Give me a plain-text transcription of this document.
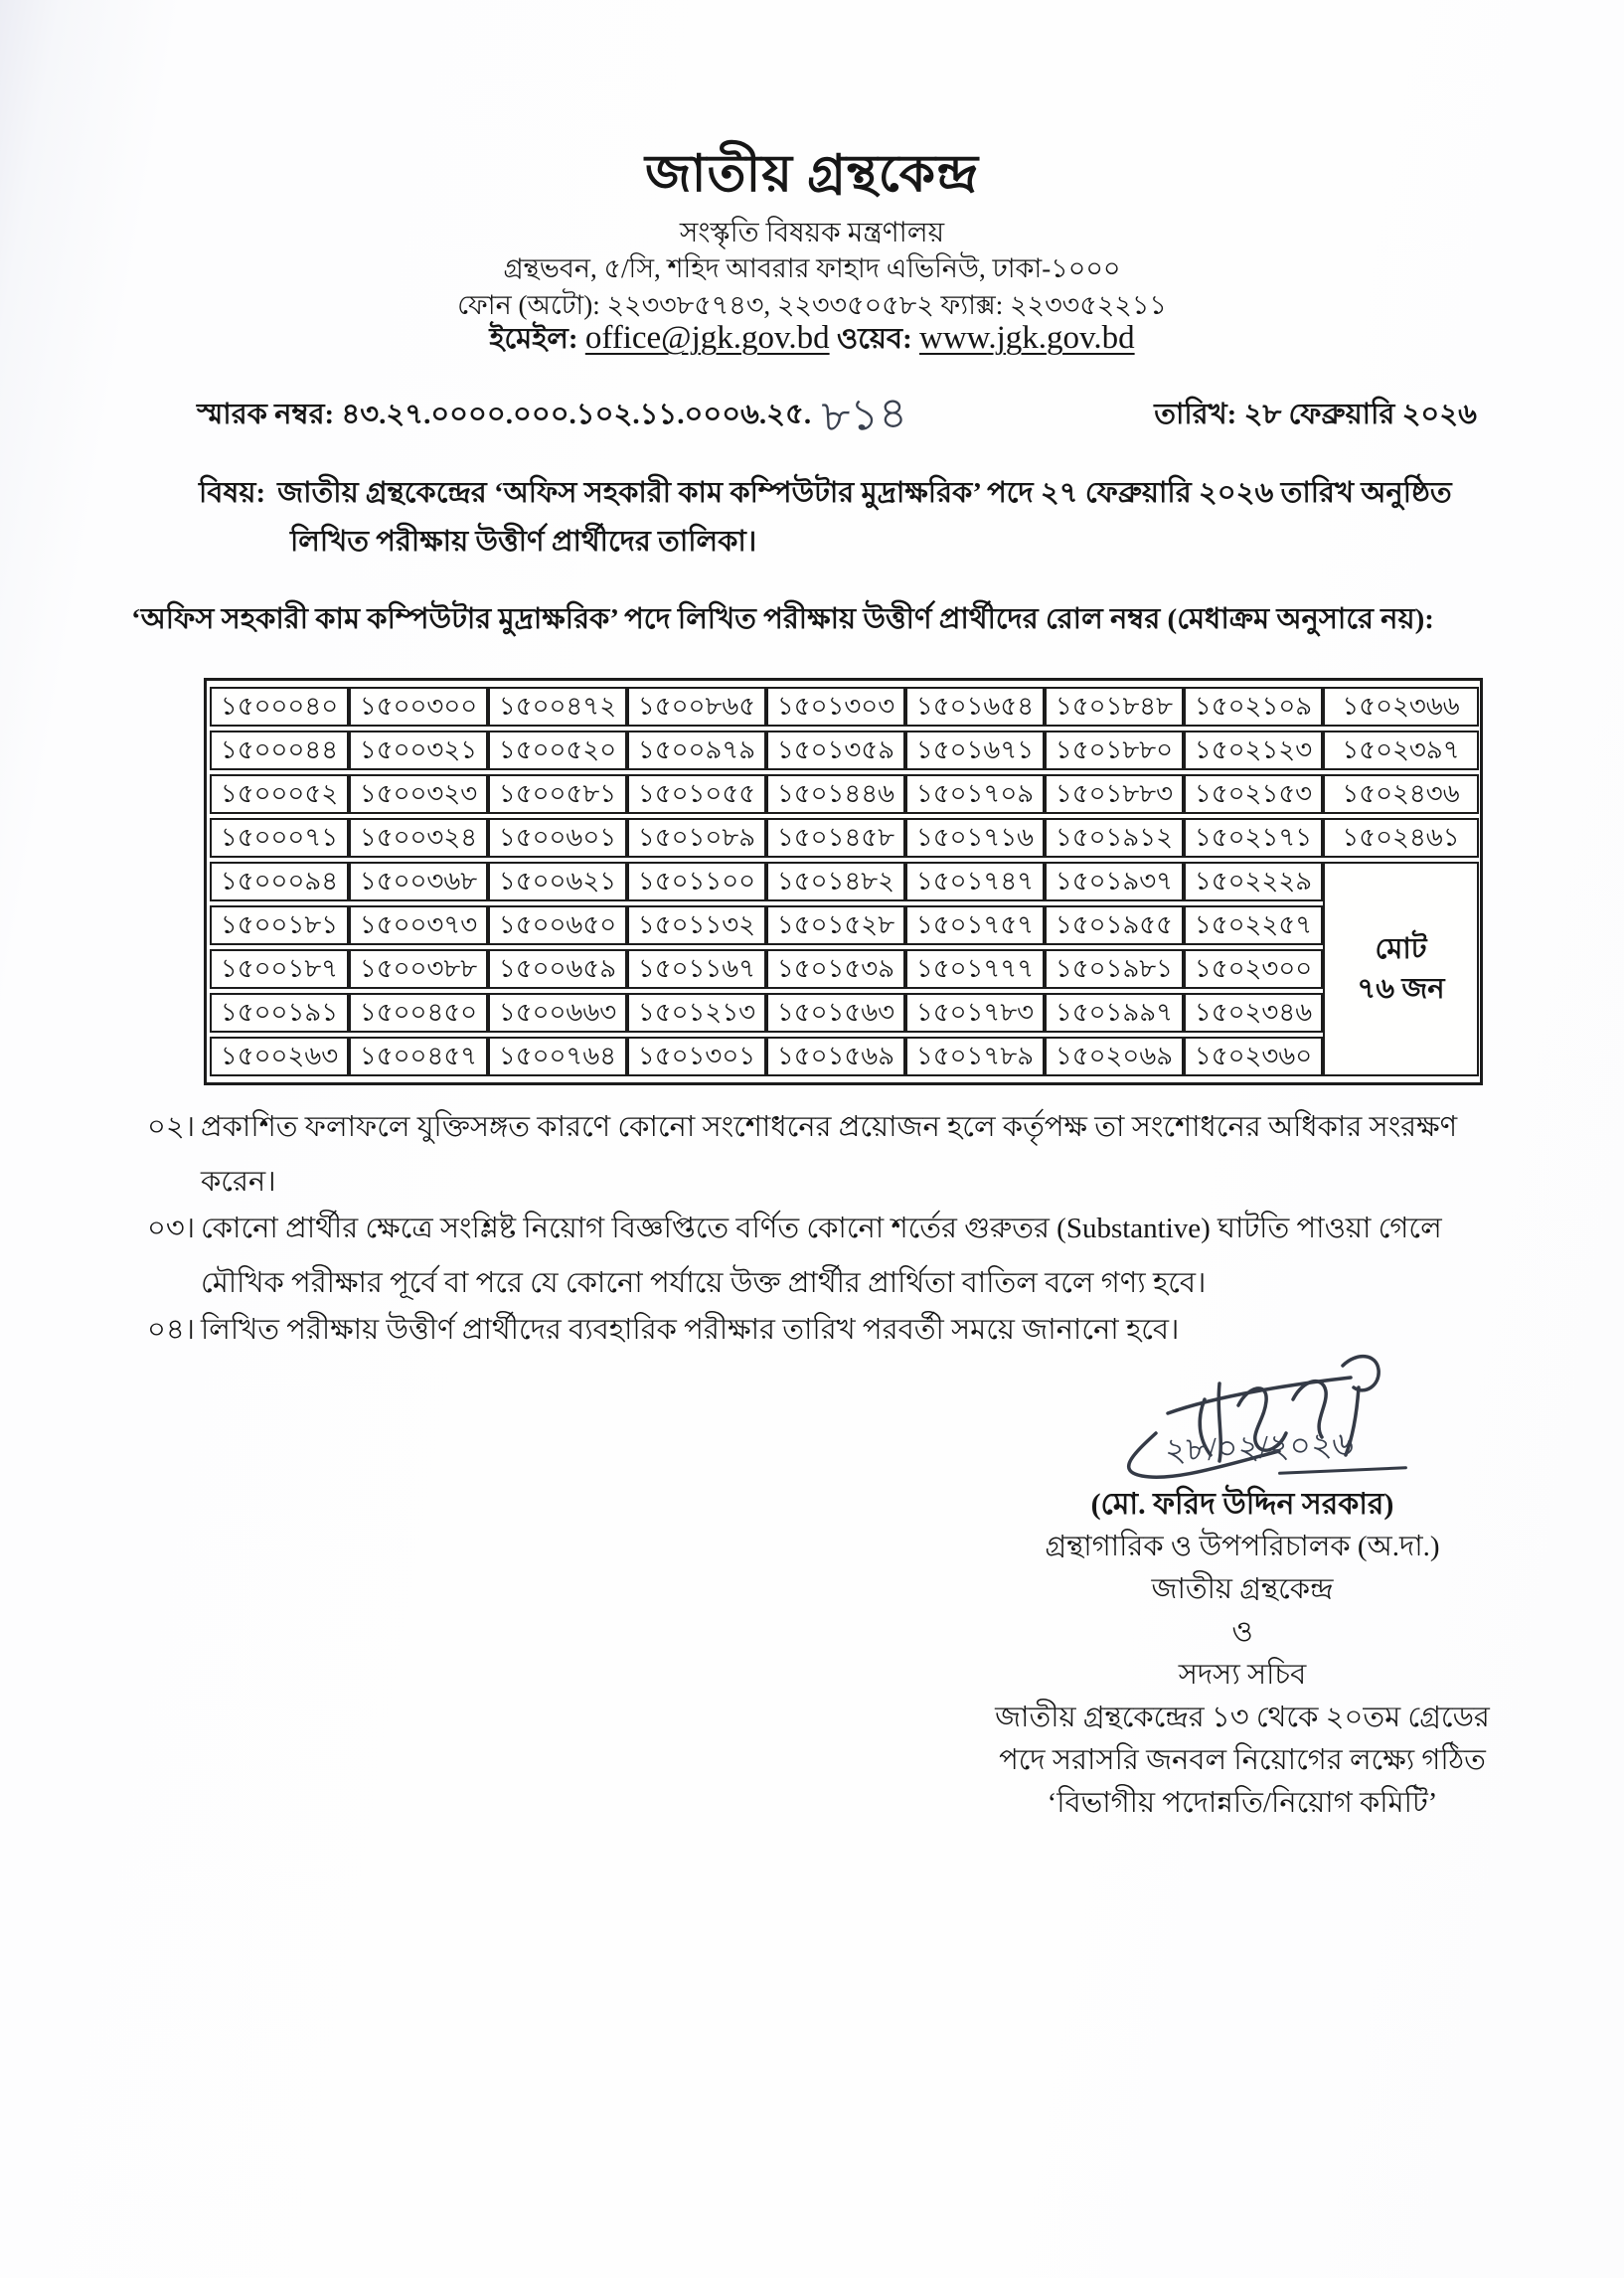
জাতীয় গ্রন্থকেন্দ্র
সংস্কৃতি বিষয়ক মন্ত্রণালয়
গ্রন্থভবন, ৫/সি, শহিদ আবরার ফাহাদ এভিনিউ, ঢাকা-১০০০
ফোন (অটো): ২২৩৩৮৫৭৪৩, ২২৩৩৫০৫৮২ ফ্যাক্স: ২২৩৩৫২২১১
ইমেইল: office@jgk.gov.bd ওয়েব: www.jgk.gov.bd
স্মারক নম্বর: ৪৩.২৭.০০০০.০০০.১০২.১১.০০০৬.২৫. ৮১৪	তারিখ: ২৮ ফেব্রুয়ারি ২০২৬
বিষয়: জাতীয় গ্রন্থকেন্দ্রের ‘অফিস সহকারী কাম কম্পিউটার মুদ্রাক্ষরিক’ পদে ২৭ ফেব্রুয়ারি ২০২৬ তারিখ অনুষ্ঠিত
লিখিত পরীক্ষায় উত্তীর্ণ প্রার্থীদের তালিকা।
‘অফিস সহকারী কাম কম্পিউটার মুদ্রাক্ষরিক’ পদে লিখিত পরীক্ষায় উত্তীর্ণ প্রার্থীদের রোল নম্বর (মেধাক্রম অনুসারে নয়):
১৫০০০৪০	১৫০০৩০০	১৫০০৪৭২	১৫০০৮৬৫	১৫০১৩০৩	১৫০১৬৫৪	১৫০১৮৪৮	১৫০২১০৯	১৫০২৩৬৬
১৫০০০৪৪	১৫০০৩২১	১৫০০৫২০	১৫০০৯৭৯	১৫০১৩৫৯	১৫০১৬৭১	১৫০১৮৮০	১৫০২১২৩	১৫০২৩৯৭
১৫০০০৫২	১৫০০৩২৩	১৫০০৫৮১	১৫০১০৫৫	১৫০১৪৪৬	১৫০১৭০৯	১৫০১৮৮৩	১৫০২১৫৩	১৫০২৪৩৬
১৫০০০৭১	১৫০০৩২৪	১৫০০৬০১	১৫০১০৮৯	১৫০১৪৫৮	১৫০১৭১৬	১৫০১৯১২	১৫০২১৭১	১৫০২৪৬১
১৫০০০৯৪	১৫০০৩৬৮	১৫০০৬২১	১৫০১১০০	১৫০১৪৮২	১৫০১৭৪৭	১৫০১৯৩৭	১৫০২২২৯	মোট
৭৬ জন

১৫০০১৮১	১৫০০৩৭৩	১৫০০৬৫০	১৫০১১৩২	১৫০১৫২৮	১৫০১৭৫৭	১৫০১৯৫৫	১৫০২২৫৭	
১৫০০১৮৭	১৫০০৩৮৮	১৫০০৬৫৯	১৫০১১৬৭	১৫০১৫৩৯	১৫০১৭৭৭	১৫০১৯৮১	১৫০২৩০০	
১৫০০১৯১	১৫০০৪৫০	১৫০০৬৬৩	১৫০১২১৩	১৫০১৫৬৩	১৫০১৭৮৩	১৫০১৯৯৭	১৫০২৩৪৬	
১৫০০২৬৩	১৫০০৪৫৭	১৫০০৭৬৪	১৫০১৩০১	১৫০১৫৬৯	১৫০১৭৮৯	১৫০২০৬৯	১৫০২৩৬০	
০২। প্রকাশিত ফলাফলে যুক্তিসঙ্গত কারণে কোনো সংশোধনের প্রয়োজন হলে কর্তৃপক্ষ তা সংশোধনের অধিকার সংরক্ষণ করেন।
০৩। কোনো প্রার্থীর ক্ষেত্রে সংশ্লিষ্ট নিয়োগ বিজ্ঞপ্তিতে বর্ণিত কোনো শর্তের গুরুতর (Substantive) ঘাটতি পাওয়া গেলে মৌখিক পরীক্ষার পূর্বে বা পরে যে কোনো পর্যায়ে উক্ত প্রার্থীর প্রার্থিতা বাতিল বলে গণ্য হবে।
০৪। লিখিত পরীক্ষায় উত্তীর্ণ প্রার্থীদের ব্যবহারিক পরীক্ষার তারিখ পরবর্তী সময়ে জানানো হবে।
২৮/০২/২০২৬
(মো. ফরিদ উদ্দিন সরকার)
গ্রন্থাগারিক ও উপপরিচালক (অ.দা.)
জাতীয় গ্রন্থকেন্দ্র
ও
সদস্য সচিব
জাতীয় গ্রন্থকেন্দ্রের ১৩ থেকে ২০তম গ্রেডের
পদে সরাসরি জনবল নিয়োগের লক্ষ্যে গঠিত
‘বিভাগীয় পদোন্নতি/নিয়োগ কমিটি’
